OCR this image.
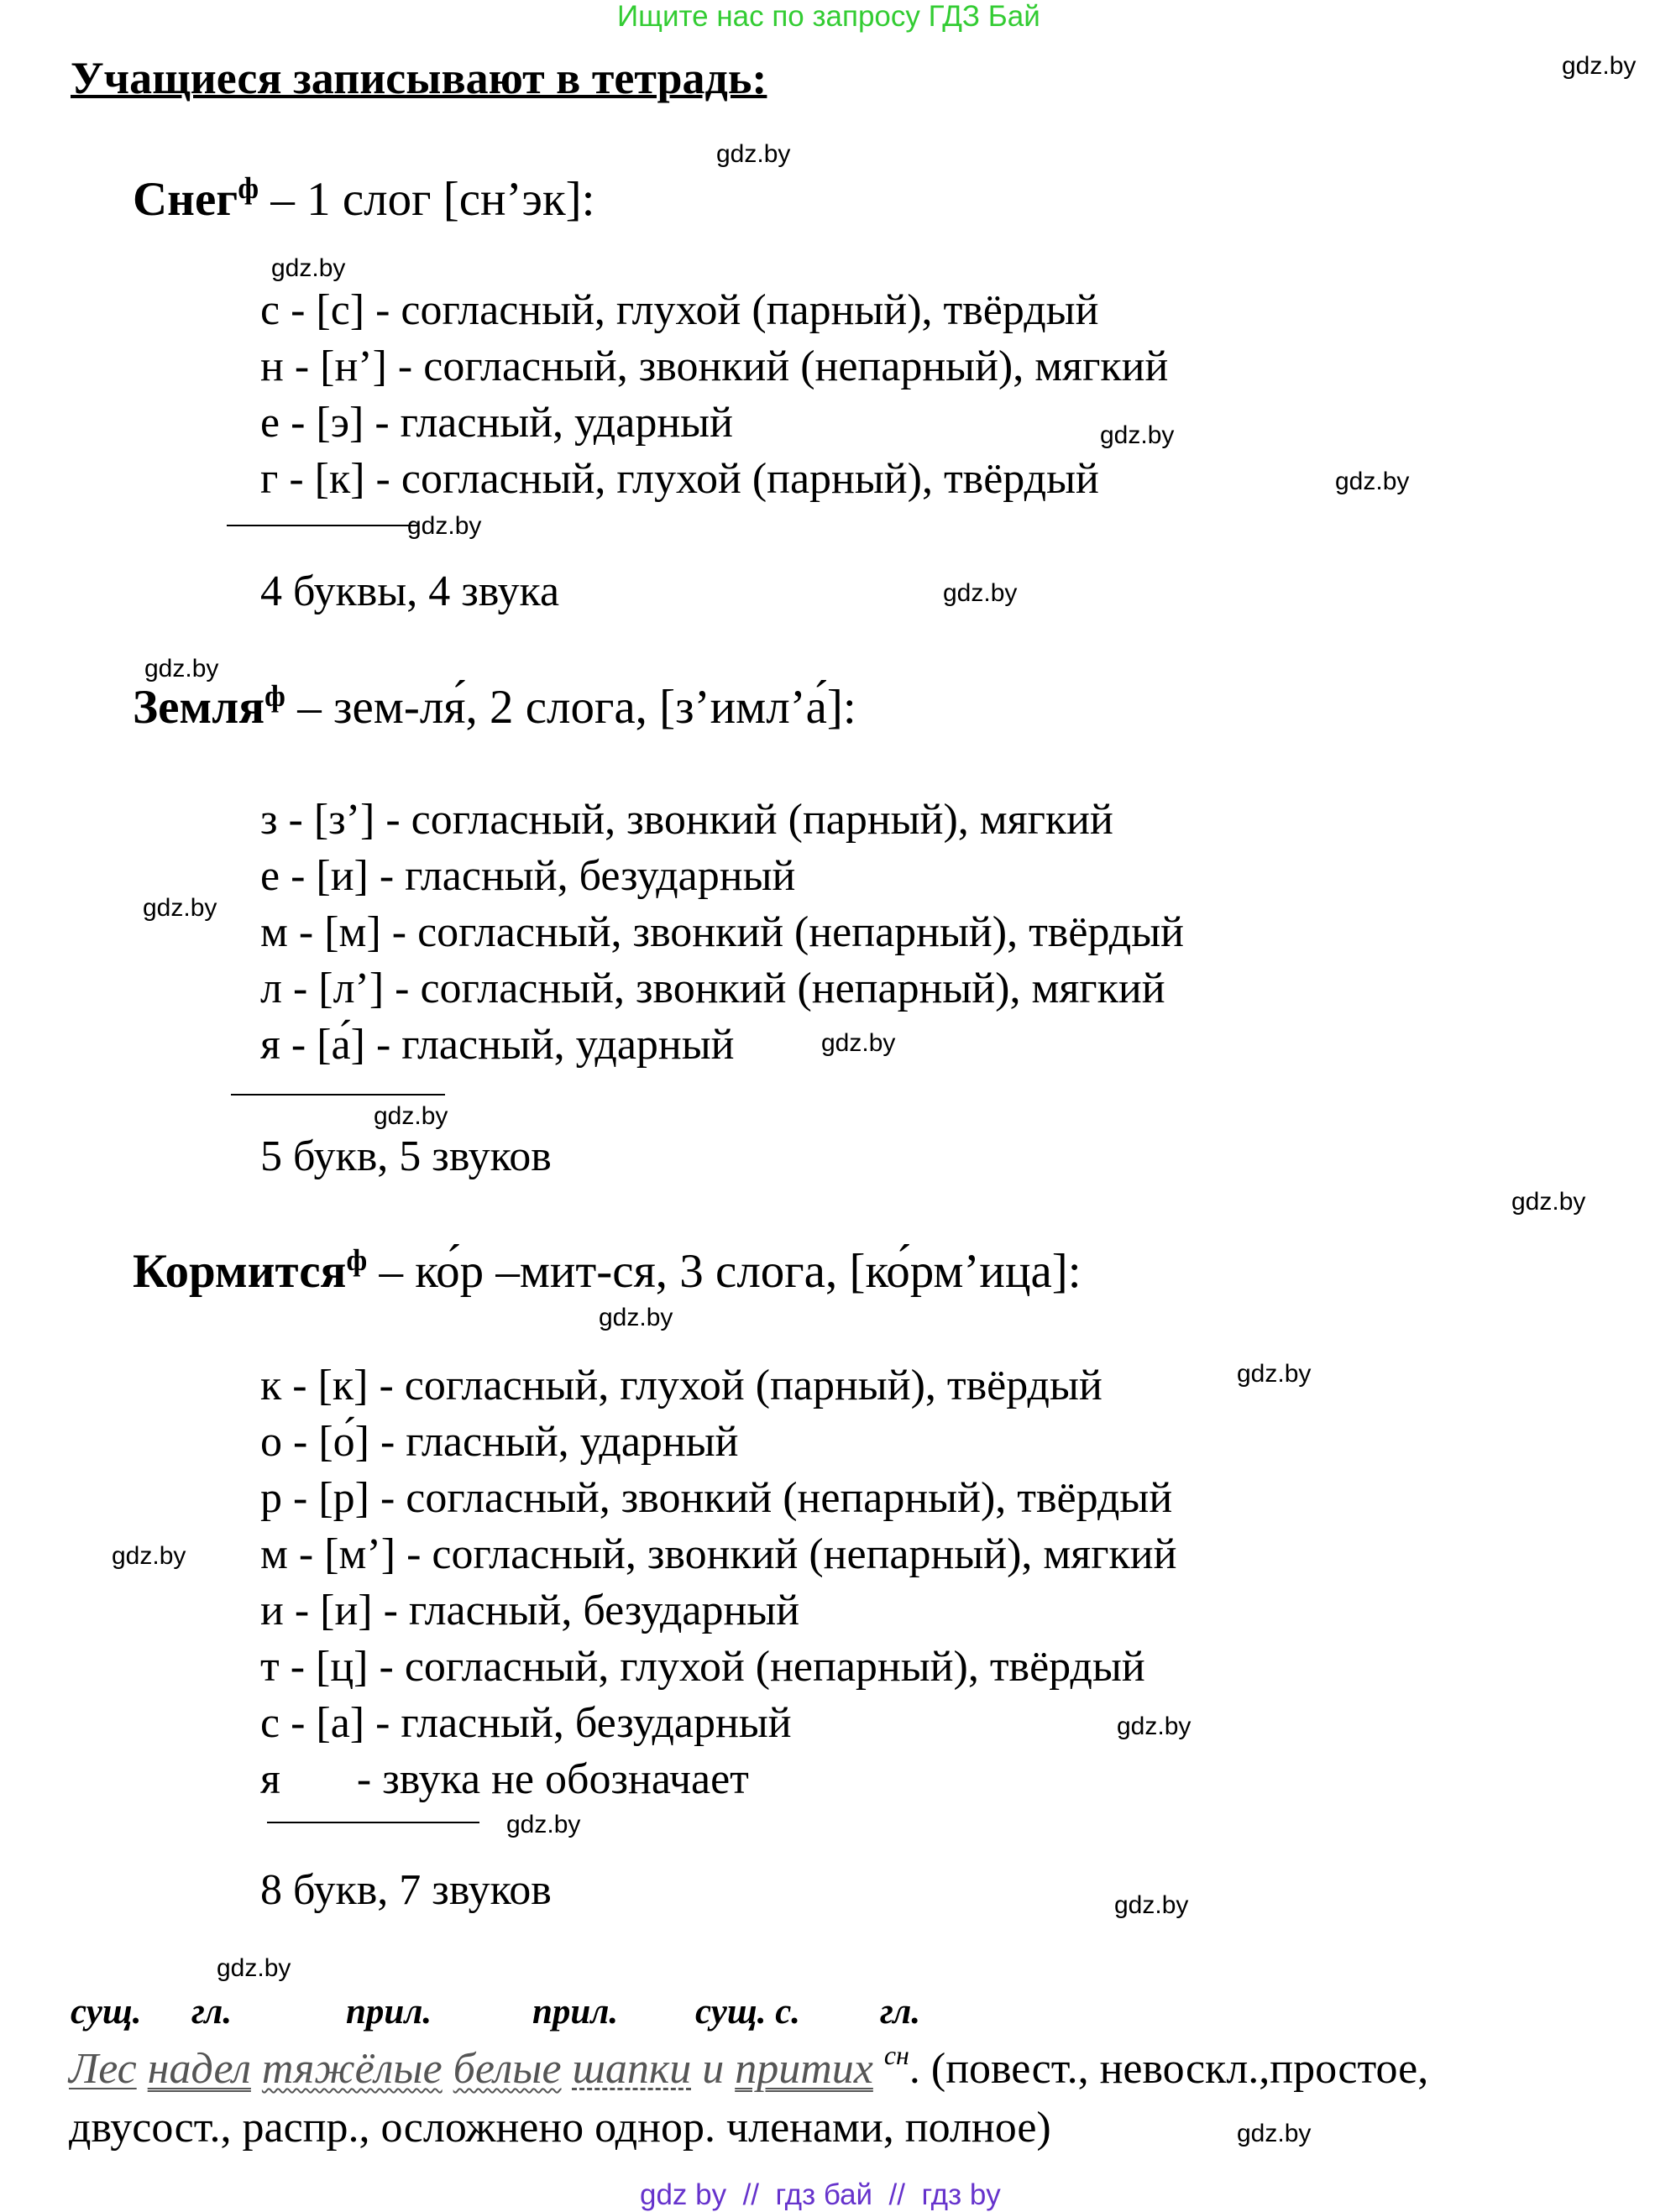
Ищите нас по запросу ГДЗ Бай
Учащиеся записывают в тетрадь:
Снег$^ф$ – 1 слог [сн’эк]:
с - [с] - согласный, глухой (парный), твёрдый
н - [н’] - согласный, звонкий (непарный), мягкий
е - [э] - гласный, ударный
г - [к] - согласный, глухой (парный), твёрдый
4 буквы, 4 звука
Земля$^ф$ – зем-ля́, 2 слога, [з’имл’а́]:
з - [з’] - согласный, звонкий (парный), мягкий
е - [и] - гласный, безударный
м - [м] - согласный, звонкий (непарный), твёрдый
л - [л’] - согласный, звонкий (непарный), мягкий
я - [а́] - гласный, ударный
5 букв, 5 звуков
Кормится$^ф$ – ко́р –мит-ся, 3 слога, [ко́рм’ица]:
к - [к] - согласный, глухой (парный), твёрдый
о - [о́] - гласный, ударный
р - [р] - согласный, звонкий (непарный), твёрдый
м - [м’] - согласный, звонкий (непарный), мягкий
и - [и] - гласный, безударный
т - [ц] - согласный, глухой (непарный), твёрдый
с - [а] - гласный, безударный
я       - звука не обозначает
8 букв, 7 звуков
сущ. гл.	прил.	прил. сущ. с. гл.
Лес надел тяжёлые белые шапки и притих $^{сн}$. (повест., невоскл.,простое,
двусост., распр., осложнено однор. членами, полное)
gdz.by
gdz.by
gdz.by
gdz.by
gdz.by
gdz.by
gdz.by
gdz.by
gdz.by
gdz.by
gdz.by
gdz.by
gdz.by
gdz.by
gdz.by
gdz.by
gdz.by
gdz.by
gdz.by
gdz.by
gdz by  //  гдз бай  //  гдз by
